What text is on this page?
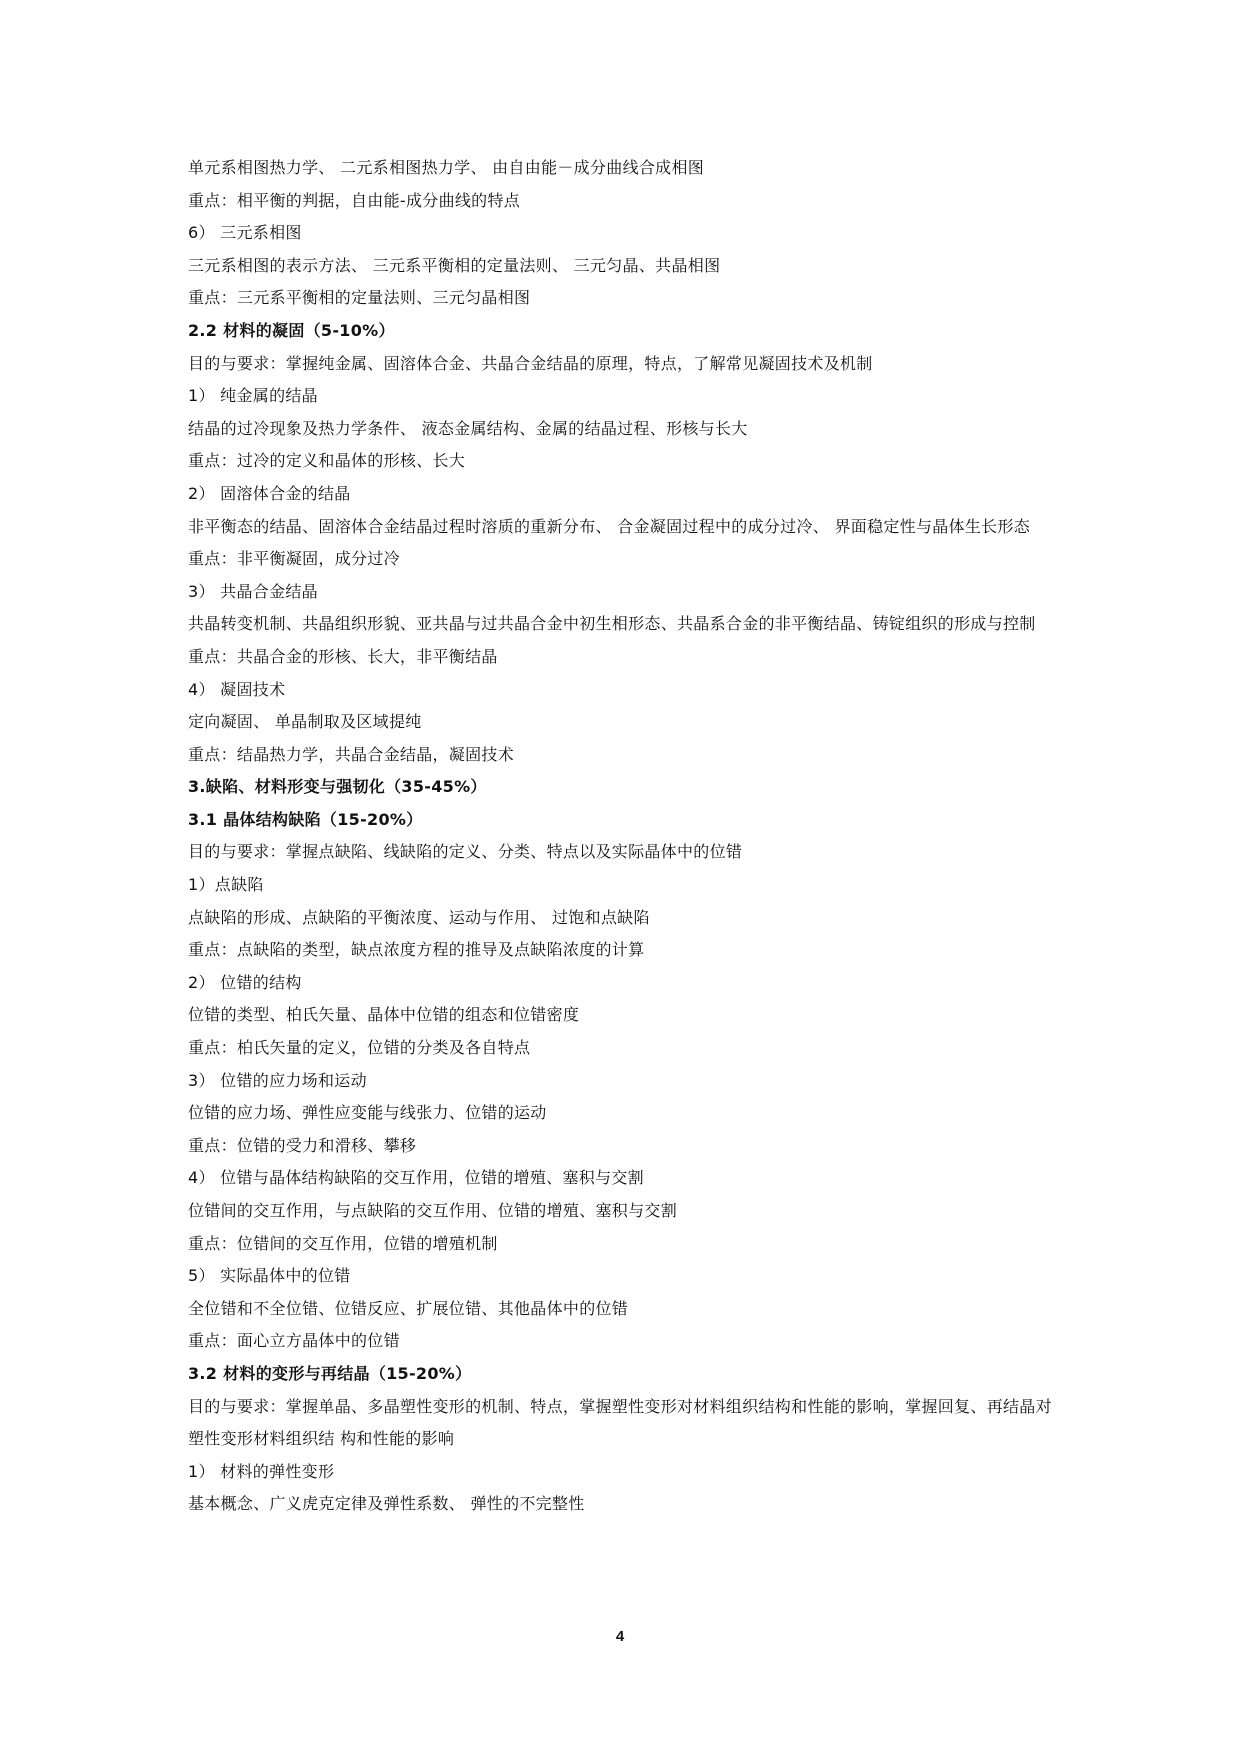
单元系相图热力学、 二元系相图热力学、 由自由能－成分曲线合成相图
重点：相平衡的判据，自由能-成分曲线的特点
6） 三元系相图
三元系相图的表示方法、 三元系平衡相的定量法则、 三元匀晶、共晶相图
重点：三元系平衡相的定量法则、三元匀晶相图
2.2 材料的凝固（5-10%）
目的与要求：掌握纯金属、固溶体合金、共晶合金结晶的原理，特点，了解常见凝固技术及机制
1） 纯金属的结晶
结晶的过冷现象及热力学条件、 液态金属结构、金属的结晶过程、形核与长大
重点：过冷的定义和晶体的形核、长大
2） 固溶体合金的结晶
非平衡态的结晶、固溶体合金结晶过程时溶质的重新分布、 合金凝固过程中的成分过冷、 界面稳定性与晶体生长形态
重点：非平衡凝固，成分过冷
3） 共晶合金结晶
共晶转变机制、共晶组织形貌、亚共晶与过共晶合金中初生相形态、共晶系合金的非平衡结晶、铸锭组织的形成与控制
重点：共晶合金的形核、长大，非平衡结晶
4） 凝固技术
定向凝固、 单晶制取及区域提纯
重点：结晶热力学，共晶合金结晶，凝固技术
3.缺陷、材料形变与强韧化（35-45%）
3.1 晶体结构缺陷（15-20%）
目的与要求：掌握点缺陷、线缺陷的定义、分类、特点以及实际晶体中的位错
1）点缺陷
点缺陷的形成、点缺陷的平衡浓度、运动与作用、 过饱和点缺陷
重点：点缺陷的类型，缺点浓度方程的推导及点缺陷浓度的计算
2） 位错的结构
位错的类型、柏氏矢量、晶体中位错的组态和位错密度
重点：柏氏矢量的定义，位错的分类及各自特点
3） 位错的应力场和运动
位错的应力场、弹性应变能与线张力、位错的运动
重点：位错的受力和滑移、攀移
4） 位错与晶体结构缺陷的交互作用，位错的增殖、塞积与交割
位错间的交互作用，与点缺陷的交互作用、位错的增殖、塞积与交割
重点：位错间的交互作用，位错的增殖机制
5） 实际晶体中的位错
全位错和不全位错、位错反应、扩展位错、其他晶体中的位错
重点：面心立方晶体中的位错
3.2 材料的变形与再结晶（15-20%）
目的与要求：掌握单晶、多晶塑性变形的机制、特点，掌握塑性变形对材料组织结构和性能的影响，掌握回复、再结晶对塑性变形材料组织结 构和性能的影响
1） 材料的弹性变形
基本概念、广义虎克定律及弹性系数、 弹性的不完整性
4
